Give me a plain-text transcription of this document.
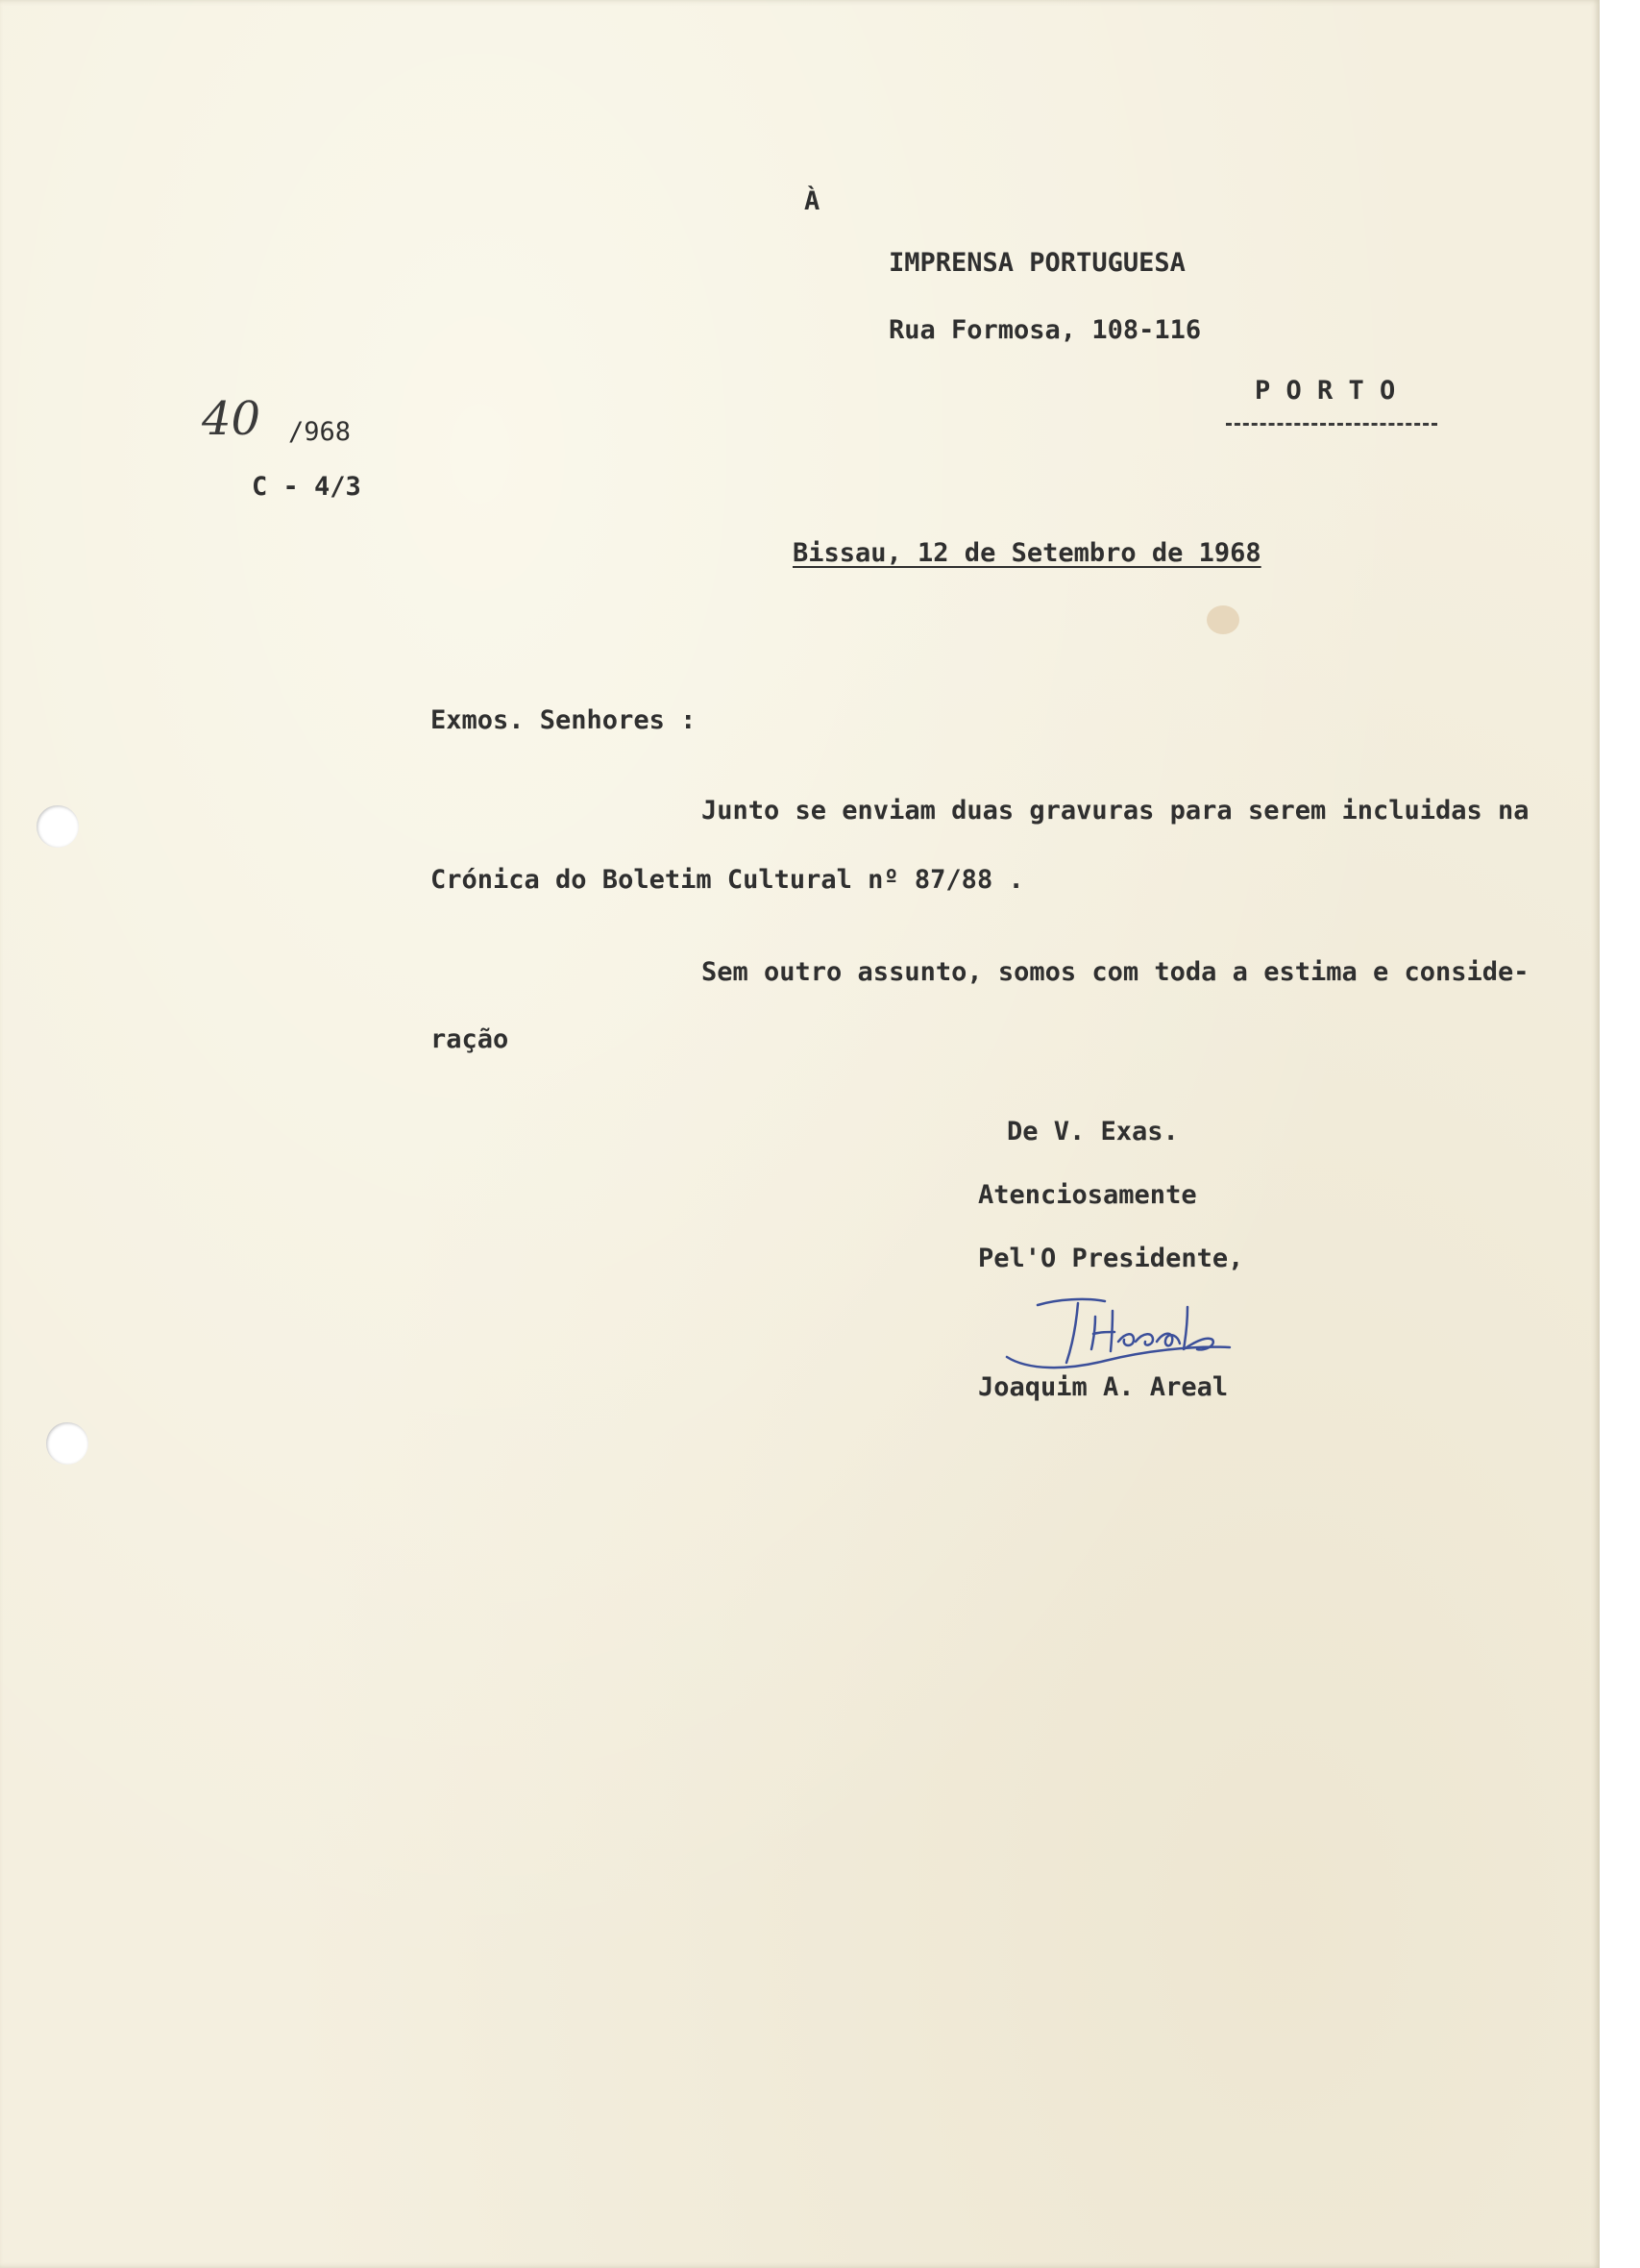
À

IMPRENSA PORTUGUESA

Rua Formosa, 108-116

P O R T O

40 /968

C - 4/3

Bissau, 12 de Setembro de 1968

Exmos. Senhores :

Junto se enviam duas gravuras para serem incluidas na

Crónica do Boletim Cultural nº 87/88 .

Sem outro assunto, somos com toda a estima e conside-

ração

De V. Exas.

Atenciosamente

Pel'O Presidente,

Joaquim A. Areal
